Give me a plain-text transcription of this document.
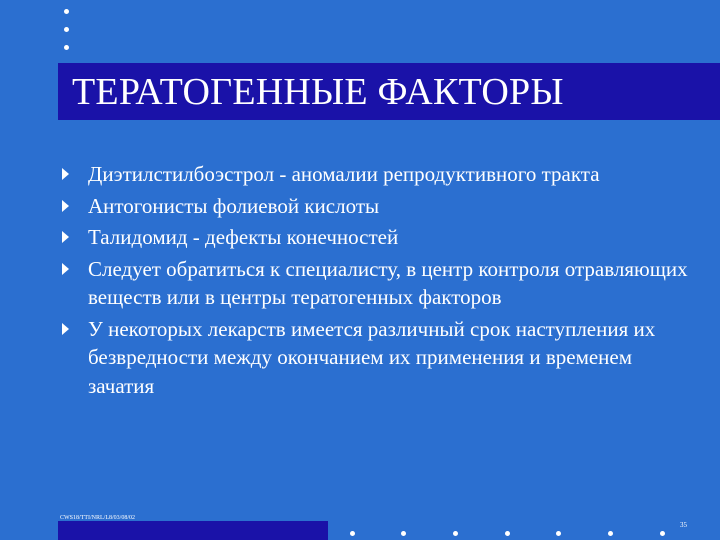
ТЕРАТОГЕННЫЕ ФАКТОРЫ
Диэтилстилбоэстрол - аномалии репродуктивного тракта
Антогонисты фолиевой кислоты
Талидомид - дефекты конечностей
Следует обратиться к специалисту, в центр контроля отравляющих веществ или в центры тератогенных факторов
У некоторых лекарств имеется различный срок наступления их безвредности между окончанием их применения и временем зачатия
CWS18/TTI/NRL/L8/03/08/02
35
